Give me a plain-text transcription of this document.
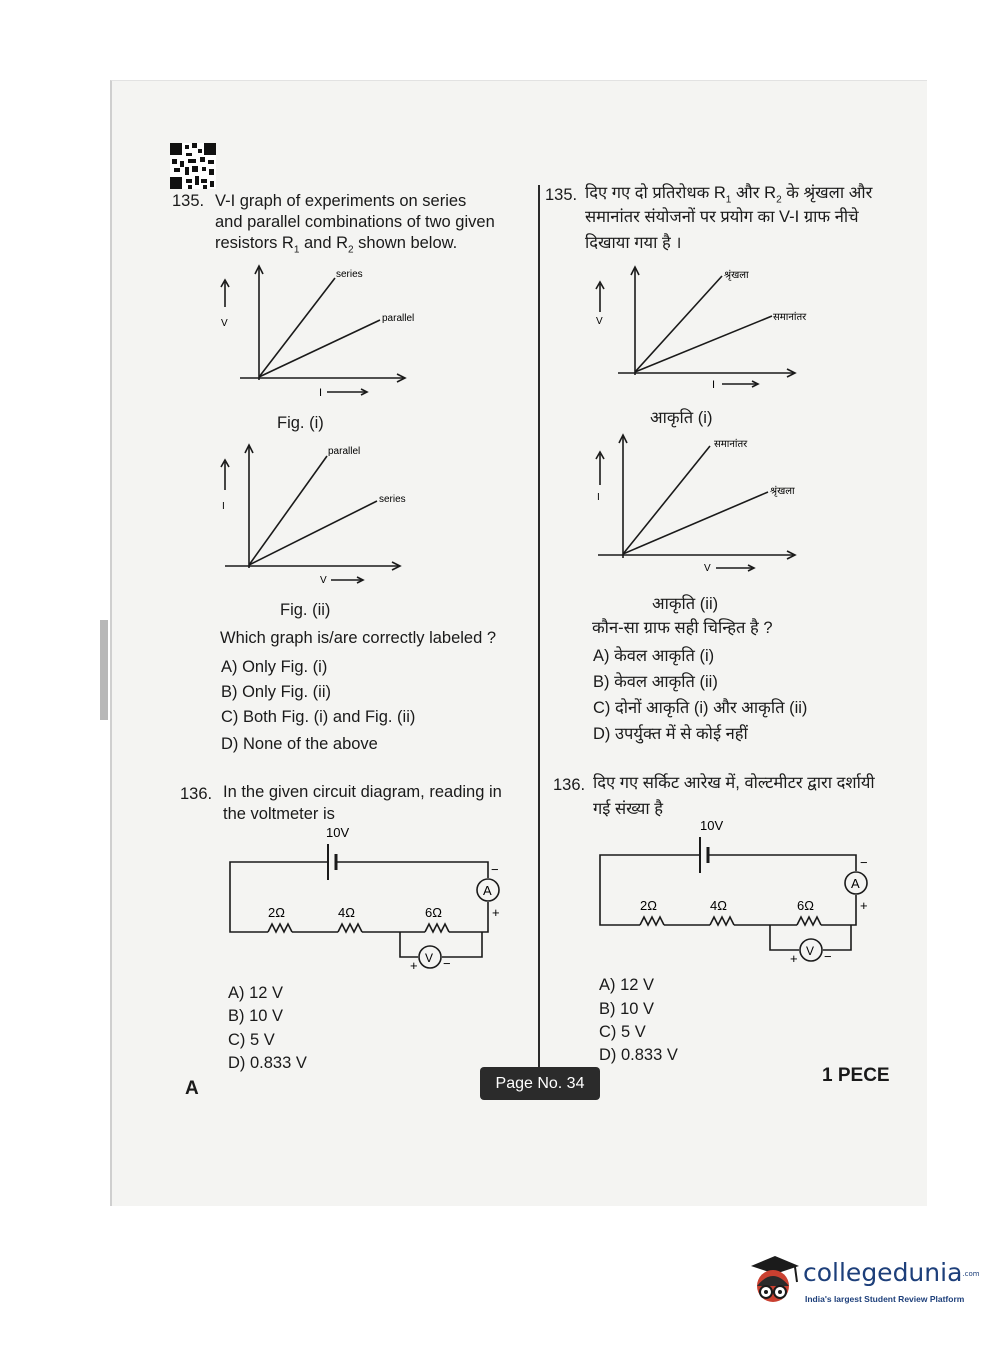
135. V-I graph of experiments on series
and parallel combinations of two given
resistors $R_1$ and $R_2$ shown below.
V
I
series
parallel
Fig. (i)
I
V
parallel
series
Fig. (ii)
Which graph is/are correctly labeled ?
A) Only Fig. (i)
B) Only Fig. (ii)
C) Both Fig. (i) and Fig. (ii)
D) None of the above
136. In the given circuit diagram, reading in
the voltmeter is
10V
2Ω	4Ω	6Ω
A
−
+
V
+ −
A) 12 V
B) 10 V
C) 5 V
D) 0.833 V
135. दिए गए दो प्रतिरोधक $R_1$ और $R_2$ के श्रृंखला और
समानांतर संयोजनों पर प्रयोग का V-I ग्राफ नीचे
दिखाया गया है ।
V
I
श्रृंखला
समानांतर
आकृति (i)
I
V
समानांतर
श्रृंखला
आकृति (ii)
कौन-सा ग्राफ सही चिन्हित है ?
A) केवल आकृति (i)
B) केवल आकृति (ii)
C) दोनों आकृति (i) और आकृति (ii)
D) उपर्युक्त में से कोई नहीं
136. दिए गए सर्किट आरेख में, वोल्टमीटर द्वारा दर्शायी
गई संख्या है
10V
2Ω	4Ω	6Ω
A
−
+
V
+ −
A) 12 V
B) 10 V
C) 5 V
D) 0.833 V
A	Page No. 34	1 PECE
collegedunia.com
India's largest Student Review Platform
